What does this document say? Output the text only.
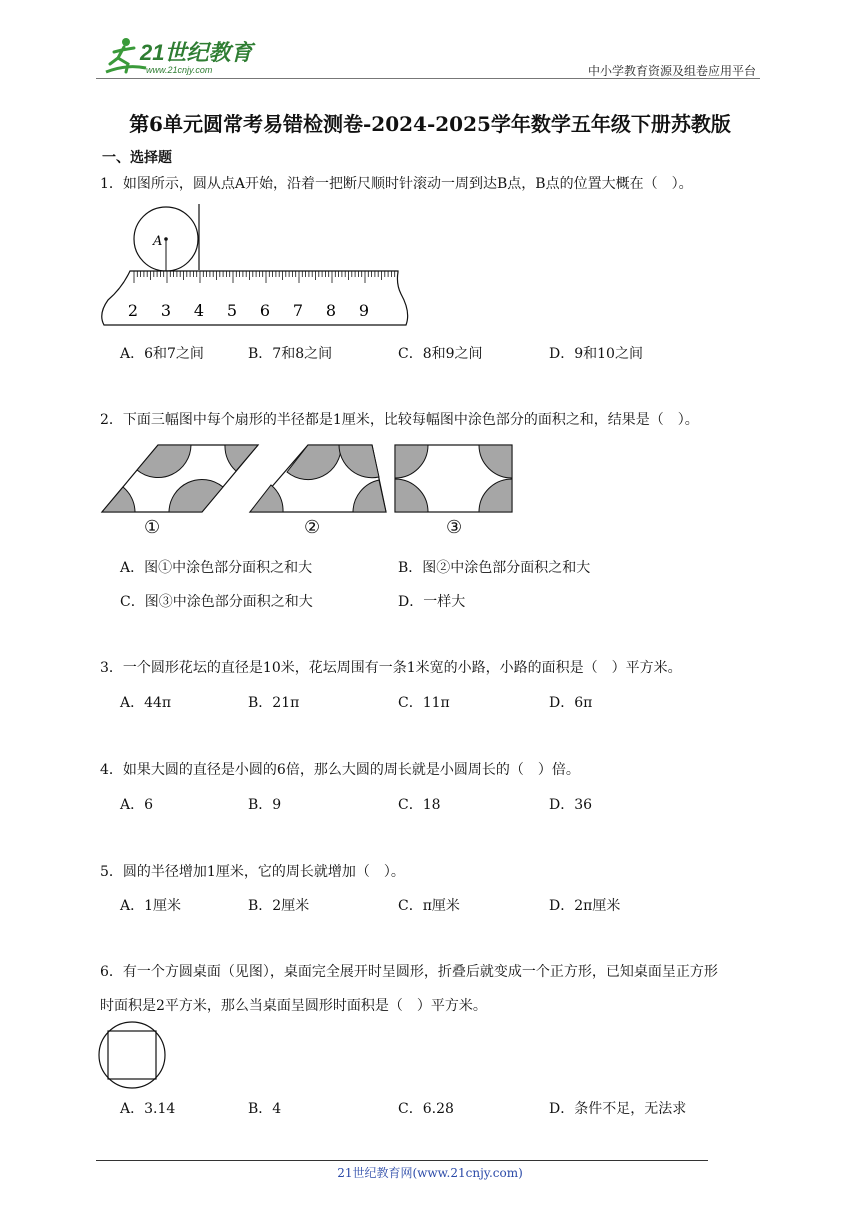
21世纪教育
www.21cnjy.com	中小学教育资源及组卷应用平台
第6单元圆常考易错检测卷-2024-2025学年数学五年级下册苏教版
一、选择题
1．如图所示，圆从点A开始，沿着一把断尺顺时针滚动一周到达B点，B点的位置大概在（　）。
A
2 3 4 5 6 7 8 9
A．6和7之间	B．7和8之间	C．8和9之间	D．9和10之间
2．下面三幅图中每个扇形的半径都是1厘米，比较每幅图中涂色部分的面积之和，结果是（　）。
①	②	③
A．图①中涂色部分面积之和大	B．图②中涂色部分面积之和大
C．图③中涂色部分面积之和大	D．一样大
3．一个圆形花坛的直径是10米，花坛周围有一条1米宽的小路，小路的面积是（　）平方米。
A．44π	B．21π	C．11π	D．6π
4．如果大圆的直径是小圆的6倍，那么大圆的周长就是小圆周长的（　）倍。
A．6	B．9	C．18	D．36
5．圆的半径增加1厘米，它的周长就增加（　）。
A．1厘米	B．2厘米	C．π厘米	D．2π厘米
6．有一个方圆桌面（见图），桌面完全展开时呈圆形，折叠后就变成一个正方形，已知桌面呈正方形
时面积是2平方米，那么当桌面呈圆形时面积是（　）平方米。
A．3.14	B．4	C．6.28	D．条件不足，无法求
21世纪教育网(www.21cnjy.com)
